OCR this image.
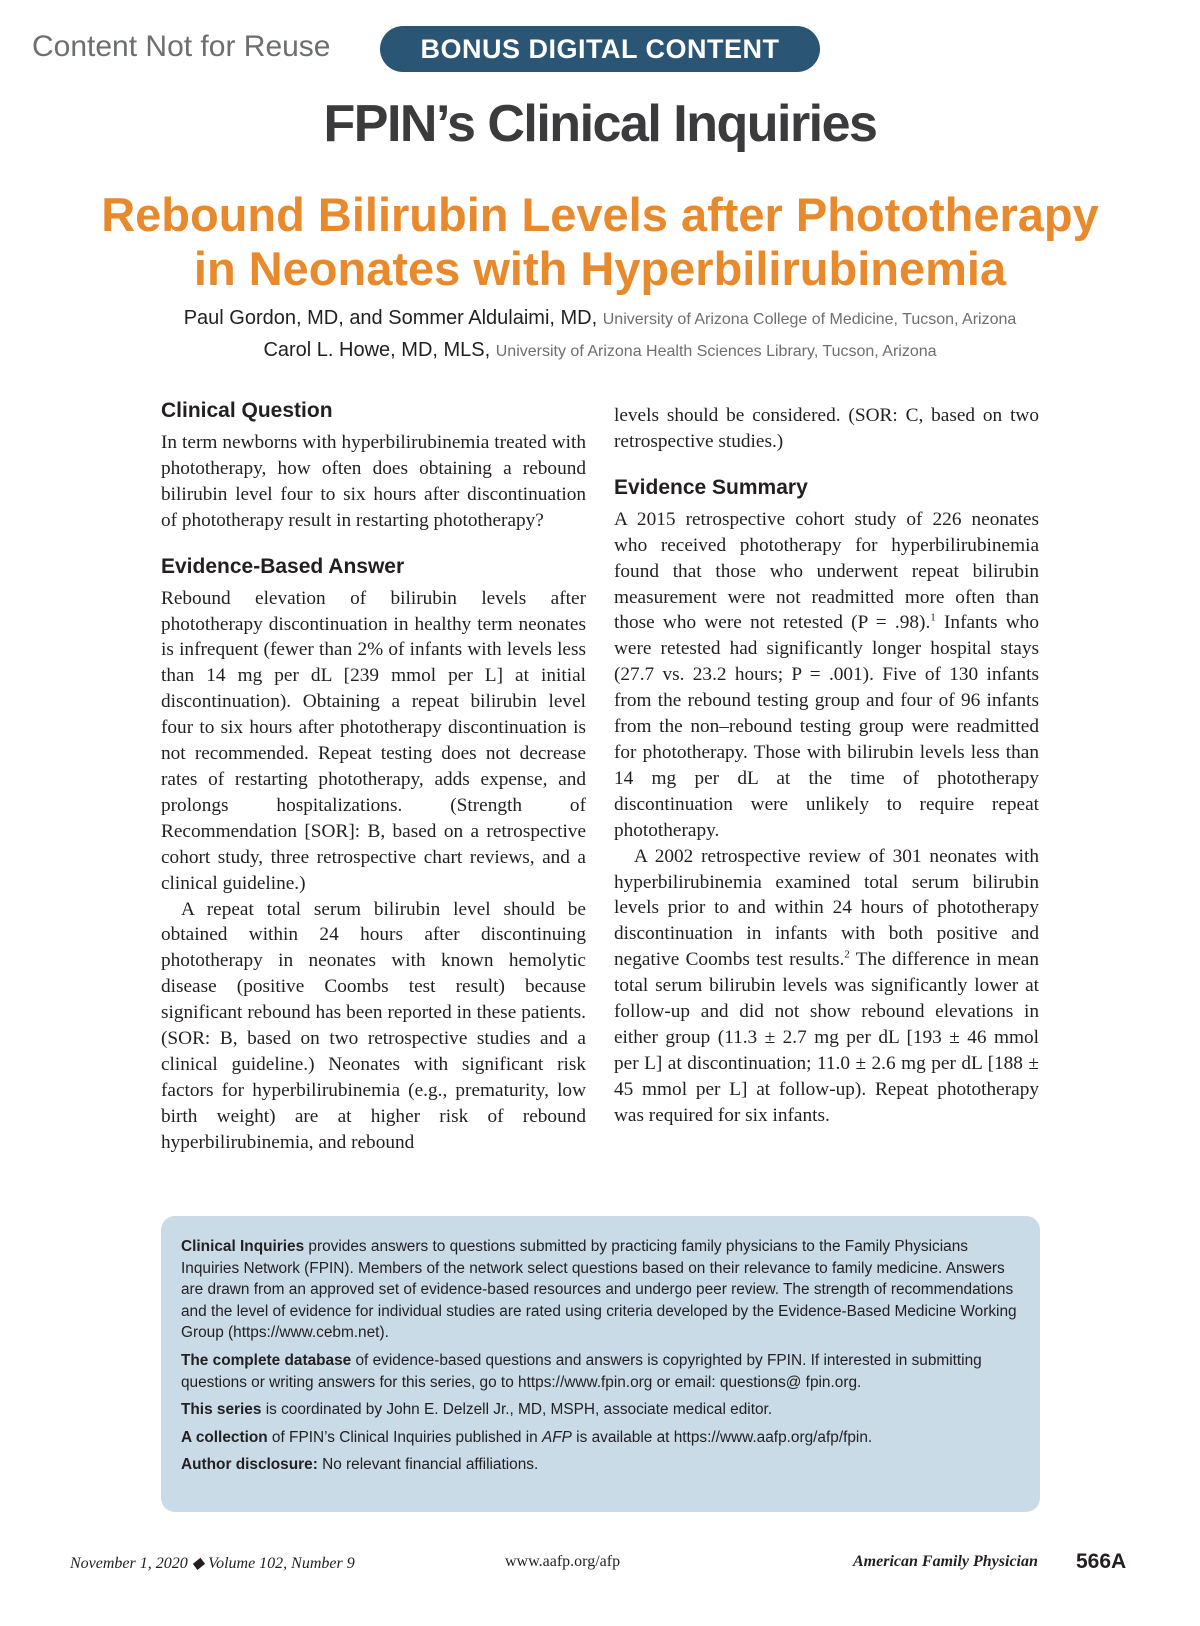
Content Not for Reuse	BONUS DIGITAL CONTENT
FPIN’s Clinical Inquiries
Rebound Bilirubin Levels after Phototherapy
in Neonates with Hyperbilirubinemia
Paul Gordon, MD, and Sommer Aldulaimi, MD, University of Arizona College of Medicine, Tucson, Arizona
Carol L. Howe, MD, MLS, University of Arizona Health Sciences Library, Tucson, Arizona
Clinical Question

In term newborns with hyperbilirubinemia treated with phototherapy, how often does obtaining a rebound bilirubin level four to six hours after discontinuation of phototherapy result in restarting phototherapy?

Evidence-Based Answer

Rebound elevation of bilirubin levels after phototherapy discontinuation in healthy term neonates is infrequent (fewer than 2% of infants with levels less than 14 mg per dL [239 mmol per L] at initial discontinuation). Obtaining a repeat bilirubin level four to six hours after phototherapy discontinuation is not recommended. Repeat testing does not decrease rates of restarting phototherapy, adds expense, and prolongs hospitalizations. (Strength of Recommendation [SOR]: B, based on a retrospective cohort study, three retrospective chart reviews, and a clinical guideline.)

A repeat total serum bilirubin level should be obtained within 24 hours after discontinuing phototherapy in neonates with known hemolytic disease (positive Coombs test result) because significant rebound has been reported in these patients. (SOR: B, based on two retrospective studies and a clinical guideline.) Neonates with significant risk factors for hyperbilirubinemia (e.g., prematurity, low birth weight) are at higher risk of rebound hyperbilirubinemia, and rebound

levels should be considered. (SOR: C, based on two retrospective studies.)

Evidence Summary

A 2015 retrospective cohort study of 226 neonates who received phototherapy for hyperbilirubinemia found that those who underwent repeat bilirubin measurement were not readmitted more often than those who were not retested (P = .98).$^1$ Infants who were retested had significantly longer hospital stays (27.7 vs. 23.2 hours; P = .001). Five of 130 infants from the rebound testing group and four of 96 infants from the non–rebound testing group were readmitted for phototherapy. Those with bilirubin levels less than 14 mg per dL at the time of phototherapy discontinuation were unlikely to require repeat phototherapy.

A 2002 retrospective review of 301 neonates with hyperbilirubinemia examined total serum bilirubin levels prior to and within 24 hours of phototherapy discontinuation in infants with both positive and negative Coombs test results.$^2$ The difference in mean total serum bilirubin levels was significantly lower at follow-up and did not show rebound elevations in either group (11.3 ± 2.7 mg per dL [193 ± 46 mmol per L] at discontinuation; 11.0 ± 2.6 mg per dL [188 ± 45 mmol per L] at follow-up). Repeat phototherapy was required for six infants.

Clinical Inquiries provides answers to questions submitted by practicing family physicians to the Family Physicians Inquiries Network (FPIN). Members of the network select questions based on their relevance to family medicine. Answers are drawn from an approved set of evidence-based resources and undergo peer review. The strength of recommendations and the level of evidence for individual studies are rated using criteria developed by the Evidence-Based Medicine Working Group (https://www.cebm.net).

The complete database of evidence-based questions and answers is copyrighted by FPIN. If interested in submitting questions or writing answers for this series, go to https://www.fpin.org or email: questions@ fpin.org.

This series is coordinated by John E. Delzell Jr., MD, MSPH, associate medical editor.

A collection of FPIN’s Clinical Inquiries published in AFP is available at https://www.aafp.org/afp/fpin.

Author disclosure: No relevant financial affiliations.

November 1, 2020 ◆ Volume 102, Number 9	www.aafp.org/afp	American Family Physician 566A
